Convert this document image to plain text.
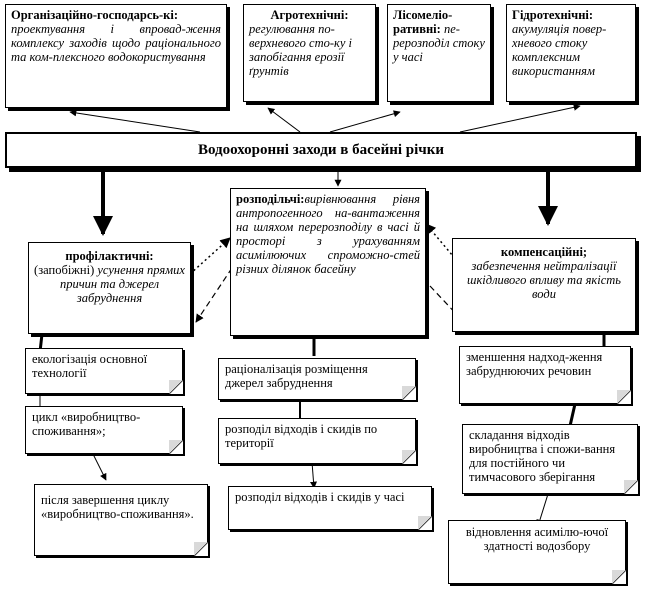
Організаційно-господарсь-кі: проектування і впровад-ження комплексу заходів щодо раціонального та ком-плексного водокористування
Агротехнічні:
регулювання по-верхневого сто-ку і запобігання ерозії ґрунтів
Лісомеліо-ративні: пе-рерозподіл стоку у часі
Гідротехнічні:
акумуляція повер-хневого стоку комплексним використанням
Водоохоронні заходи в басейні річки
профілактичні:
(запобіжні) усунення прямих причин та джерел забруднення
розподільчі:вирівнювання рівня антропогенного на-вантаження на шляхом перерозподілу в часі й просторі з урахуванням асимілюючих спроможно-стей різних ділянок басейну
компенсаційні;
забезпечення нейтралізації шкідливого впливу та якість води
екологізація основної технології
цикл «виробництво-споживання»;
після завершення циклу «виробництво-споживання».
раціоналізація розміщення джерел забруднення
розподіл відходів і скидів по території
розподіл відходів і скидів у часі
зменшення надход-ження забруднюючих речовин
складання відходів виробництва і спожи-вання для постійного чи тимчасового зберігання
відновлення асимілю-ючої здатності водозбору
